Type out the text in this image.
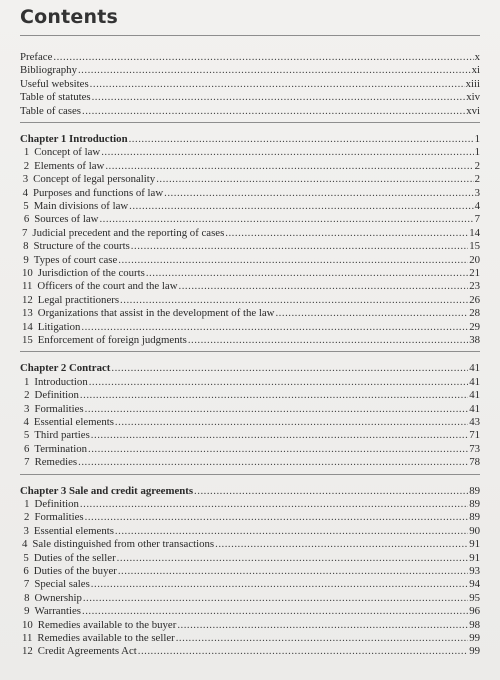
Contents
Preface .....	x
Bibliography .....	xi
Useful websites .....	xiii
Table of statutes .....	xiv
Table of cases .....	xvi
Chapter 1 Introduction .....	1
1 Concept of law .....	1
2 Elements of law .....	2
3 Concept of legal personality .....	2
4 Purposes and functions of law .....	3
5 Main divisions of law .....	4
6 Sources of law .....	7
7 Judicial precedent and the reporting of cases .....	14
8 Structure of the courts .....	15
9 Types of court case .....	20
10 Jurisdiction of the courts .....	21
11 Officers of the court and the law .....	23
12 Legal practitioners .....	26
13 Organizations that assist in the development of the law .....	28
14 Litigation .....	29
15 Enforcement of foreign judgments .....	38
Chapter 2 Contract .....	41
1 Introduction .....	41
2 Definition .....	41
3 Formalities .....	41
4 Essential elements .....	43
5 Third parties .....	71
6 Termination .....	73
7 Remedies .....	78
Chapter 3 Sale and credit agreements .....	89
1 Definition .....	89
2 Formalities .....	89
3 Essential elements .....	90
4 Sale distinguished from other transactions .....	91
5 Duties of the seller .....	91
6 Duties of the buyer .....	93
7 Special sales .....	94
8 Ownership .....	95
9 Warranties .....	96
10 Remedies available to the buyer .....	98
11 Remedies available to the seller .....	99
12 Credit Agreements Act .....	99
